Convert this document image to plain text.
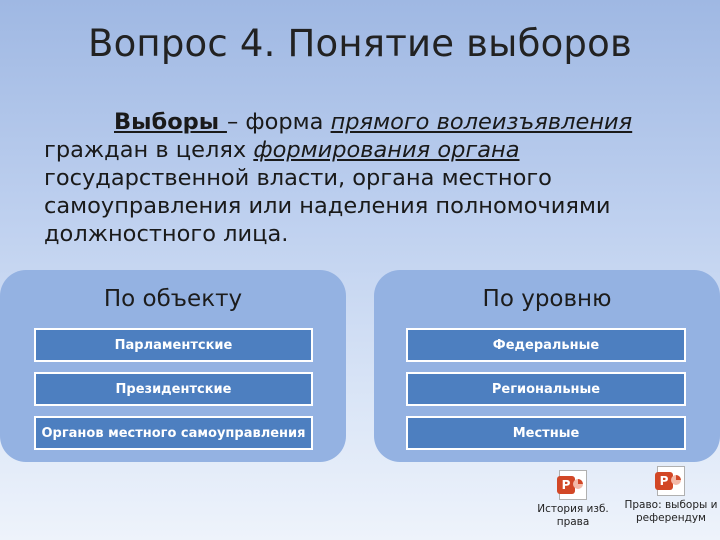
Вопрос 4. Понятие выборов
Выборы – форма прямого волеизъявления граждан в целях формирования органа государственной власти, органа местного самоуправления или наделения полномочиями должностного лица.
По объекту
Парламентские
Президентские
Органов местного самоуправления
По уровню
Федеральные
Региональные
Местные
P
История изб. права
P
Право: выборы и референдум
